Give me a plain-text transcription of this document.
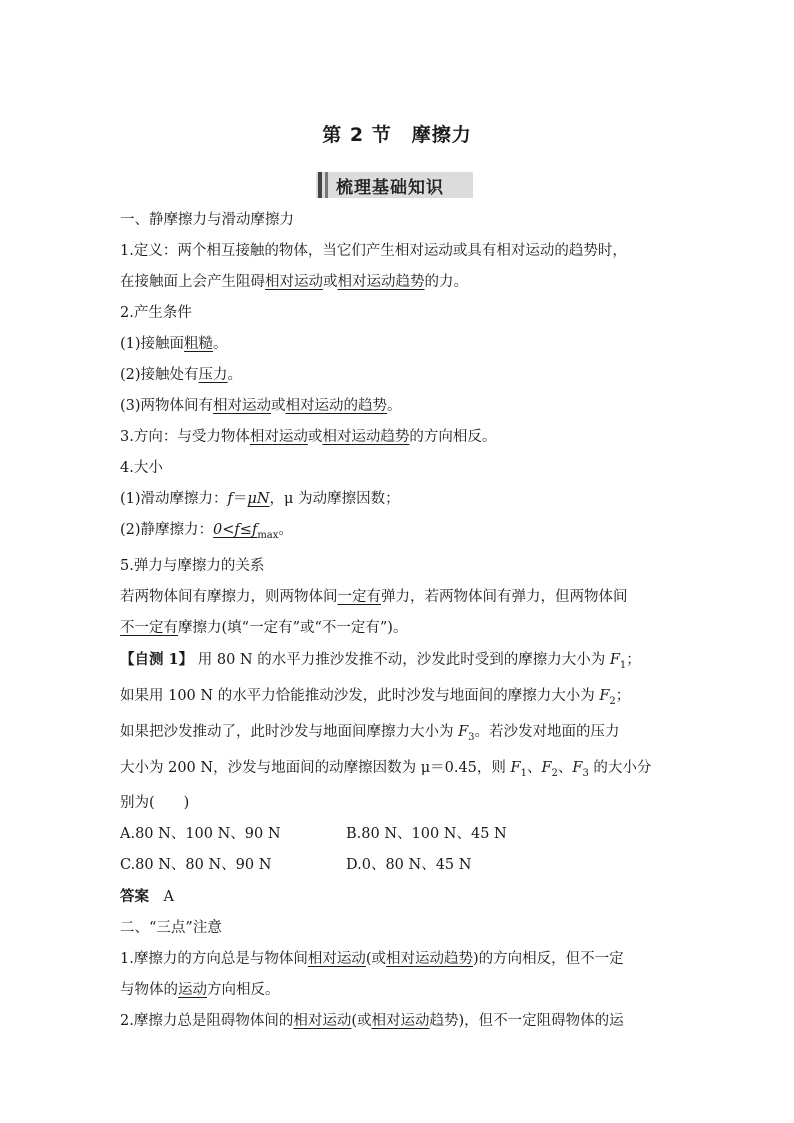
第 2 节　摩擦力
梳理基础知识
一、静摩擦力与滑动摩擦力
1.定义：两个相互接触的物体，当它们产生相对运动或具有相对运动的趋势时，
在接触面上会产生阻碍相对运动或相对运动趋势的力。
2.产生条件
(1)接触面粗糙。
(2)接触处有压力。
(3)两物体间有相对运动或相对运动的趋势。
3.方向：与受力物体相对运动或相对运动趋势的方向相反。
4.大小
(1)滑动摩擦力：f＝μN，μ 为动摩擦因数；
(2)静摩擦力：$0<f\le f_{max}$。
5.弹力与摩擦力的关系
若两物体间有摩擦力，则两物体间一定有弹力，若两物体间有弹力，但两物体间
不一定有摩擦力(填“一定有”或“不一定有”)。
【自测 1】 用 80 N 的水平力推沙发推不动，沙发此时受到的摩擦力大小为 $F_1$；
如果用 100 N 的水平力恰能推动沙发，此时沙发与地面间的摩擦力大小为 $F_2$；
如果把沙发推动了，此时沙发与地面间摩擦力大小为 $F_3$。若沙发对地面的压力
大小为 200 N，沙发与地面间的动摩擦因数为 μ＝0.45，则 $F_1$、$F_2$、$F_3$ 的大小分
别为(　　)
A.80 N、100 N、90 N	B.80 N、100 N、45 N
C.80 N、80 N、90 N	D.0、80 N、45 N
答案　 A
二、“三点”注意
1.摩擦力的方向总是与物体间相对运动(或相对运动趋势)的方向相反，但不一定
与物体的运动方向相反。
2.摩擦力总是阻碍物体间的相对运动(或相对运动趋势)，但不一定阻碍物体的运
